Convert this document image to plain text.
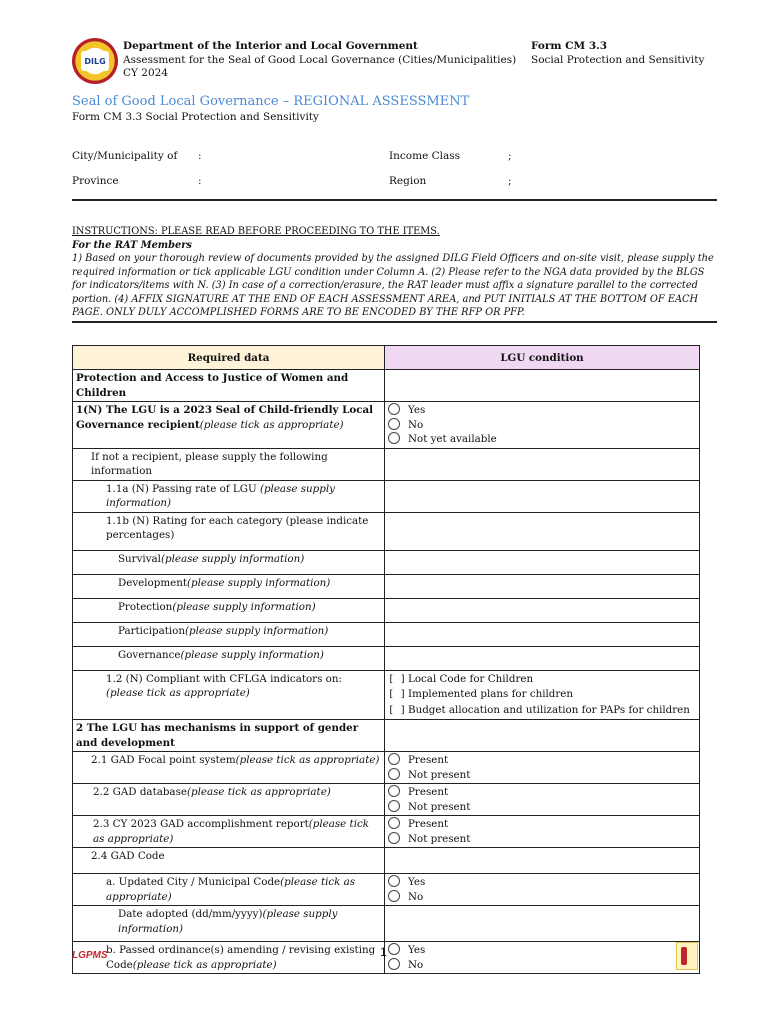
DILG
Department of the Interior and Local Government
Assessment for the Seal of Good Local Governance (Cities/Municipalities)
CY 2024
Form CM 3.3
Social Protection and Sensitivity
Seal of Good Local Governance – REGIONAL ASSESSMENT
Form CM 3.3 Social Protection and Sensitivity
City/Municipality of :
Province	:
Income Class	;
Region	;
INSTRUCTIONS: PLEASE READ BEFORE PROCEEDING TO THE ITEMS.
For the RAT Members
1) Based on your thorough review of documents provided by the assigned DILG Field Officers and on-site visit, please supply the required information or tick applicable LGU condition under Column A. (2) Please refer to the NGA data provided by the BLGS for indicators/items with N. (3) In case of a correction/erasure, the RAT leader must affix a signature parallel to the corrected portion. (4) AFFIX SIGNATURE AT THE END OF EACH ASSESSMENT AREA, and PUT INITIALS AT THE BOTTOM OF EACH PAGE. ONLY DULY ACCOMPLISHED FORMS ARE TO BE ENCODED BY THE RFP OR PFP.
Required data	LGU condition
Protection and Access to Justice of Women and Children	
1(N) The LGU is a 2023 Seal of Child-friendly Local Governance recipient(please tick as appropriate)	Yes
No
Not yet available

If not a recipient, please supply the following information	
1.1a (N) Passing rate of LGU (please supply information)	
1.1b (N) Rating for each category (please indicate percentages)	
Survival(please supply information)	
Development(please supply information)	
Protection(please supply information)	
Participation(please supply information)	
Governance(please supply information)	
1.2 (N) Compliant with CFLGA indicators on: (please tick as appropriate)	[ ] Local Code for Children
[ ] Implemented plans for children
[ ] Budget allocation and utilization for PAPs for children

2 The LGU has mechanisms in support of gender and development	
2.1 GAD Focal point system(please tick as appropriate)	Present
Not present

2.2 GAD database(please tick as appropriate)	Present
Not present

2.3 CY 2023 GAD accomplishment report(please tick as appropriate)	Present
Not present

2.4 GAD Code	
a. Updated City / Municipal Code(please tick as appropriate)	Yes
No

Date adopted (dd/mm/yyyy)(please supply information)	
b. Passed ordinance(s) amending / revising existing Code(please tick as appropriate)	Yes
No
LGPMS	1
